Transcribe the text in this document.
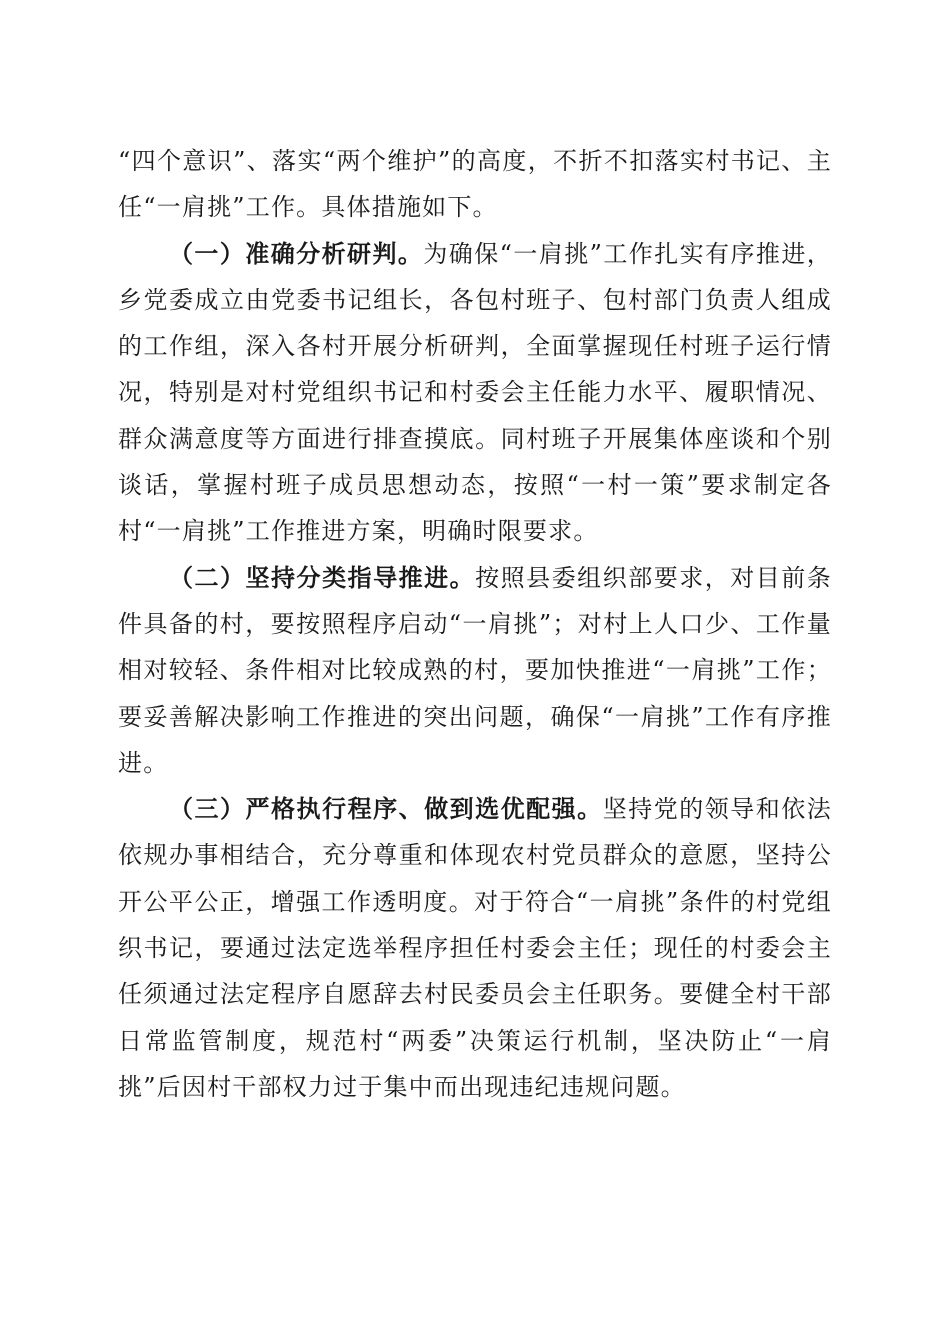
“四个意识”、落实“两个维护”的高度，不折不扣落实村书记、主任“一肩挑”工作。具体措施如下。

（一）准确分析研判。为确保“一肩挑”工作扎实有序推进，乡党委成立由党委书记组长，各包村班子、包村部门负责人组成的工作组，深入各村开展分析研判，全面掌握现任村班子运行情况，特别是对村党组织书记和村委会主任能力水平、履职情况、群众满意度等方面进行排查摸底。同村班子开展集体座谈和个别谈话，掌握村班子成员思想动态，按照“一村一策”要求制定各村“一肩挑”工作推进方案，明确时限要求。

（二）坚持分类指导推进。按照县委组织部要求，对目前条件具备的村，要按照程序启动“一肩挑”；对村上人口少、工作量相对较轻、条件相对比较成熟的村，要加快推进“一肩挑”工作；要妥善解决影响工作推进的突出问题，确保“一肩挑”工作有序推进。

（三）严格执行程序、做到选优配强。坚持党的领导和依法依规办事相结合，充分尊重和体现农村党员群众的意愿，坚持公开公平公正，增强工作透明度。对于符合“一肩挑”条件的村党组织书记，要通过法定选举程序担任村委会主任；现任的村委会主任须通过法定程序自愿辞去村民委员会主任职务。要健全村干部日常监管制度，规范村“两委”决策运行机制，坚决防止“一肩挑”后因村干部权力过于集中而出现违纪违规问题。
